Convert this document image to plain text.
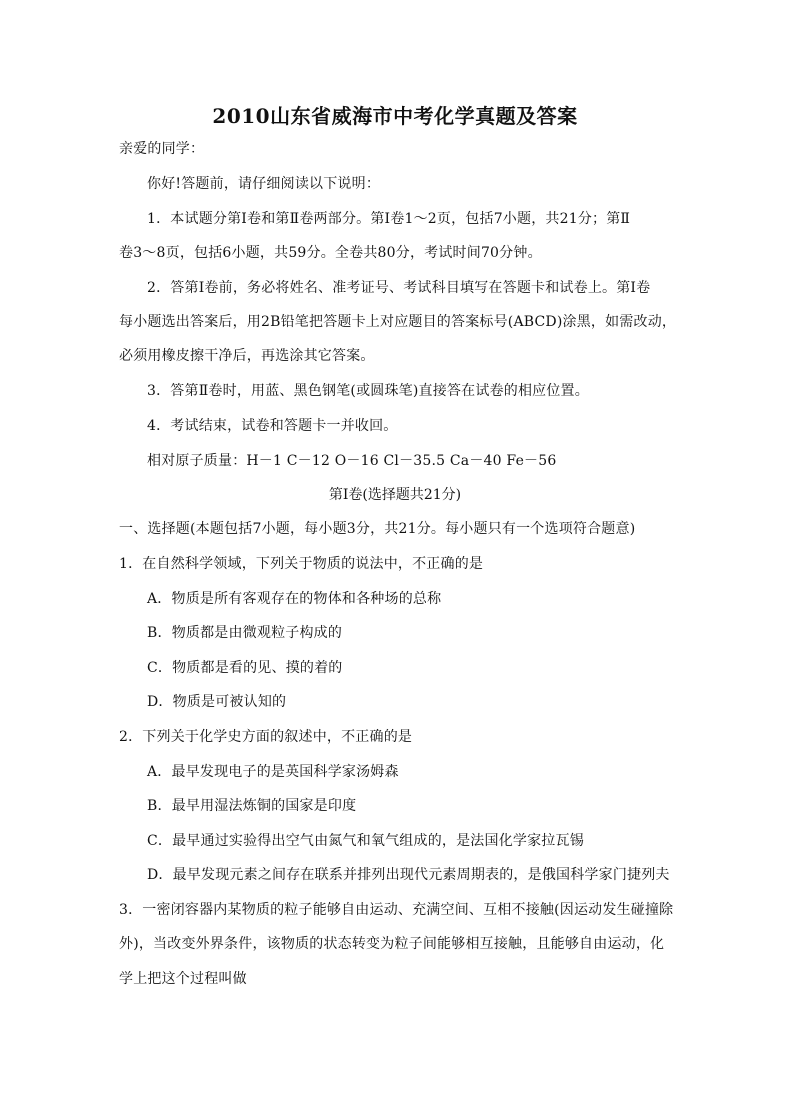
2010山东省威海市中考化学真题及答案
亲爱的同学：
你好!答题前，请仔细阅读以下说明：
1．本试题分第Ⅰ卷和第Ⅱ卷两部分。第Ⅰ卷1～2页，包括7小题，共21分；第Ⅱ
卷3～8页，包括6小题，共59分。全卷共80分，考试时间70分钟。
2．答第Ⅰ卷前，务必将姓名、准考证号、考试科目填写在答题卡和试卷上。第Ⅰ卷
每小题选出答案后，用2B铅笔把答题卡上对应题目的答案标号(ABCD)涂黑，如需改动，
必须用橡皮擦干净后，再选涂其它答案。
3．答第Ⅱ卷时，用蓝、黑色钢笔(或圆珠笔)直接答在试卷的相应位置。
4．考试结束，试卷和答题卡一并收回。
相对原子质量：H－1 C－12 O－16 Cl－35.5 Ca－40 Fe－56
第Ⅰ卷(选择题共21分)
一、选择题(本题包括7小题，每小题3分，共21分。每小题只有一个选项符合题意)
1．在自然科学领域，下列关于物质的说法中，不正确的是
A．物质是所有客观存在的物体和各种场的总称
B．物质都是由微观粒子构成的
C．物质都是看的见、摸的着的
D．物质是可被认知的
2．下列关于化学史方面的叙述中，不正确的是
A．最早发现电子的是英国科学家汤姆森
B．最早用湿法炼铜的国家是印度
C．最早通过实验得出空气由氮气和氧气组成的，是法国化学家拉瓦锡
D．最早发现元素之间存在联系并排列出现代元素周期表的，是俄国科学家门捷列夫
3．一密闭容器内某物质的粒子能够自由运动、充满空间、互相不接触(因运动发生碰撞除
外)，当改变外界条件，该物质的状态转变为粒子间能够相互接触，且能够自由运动，化
学上把这个过程叫做
